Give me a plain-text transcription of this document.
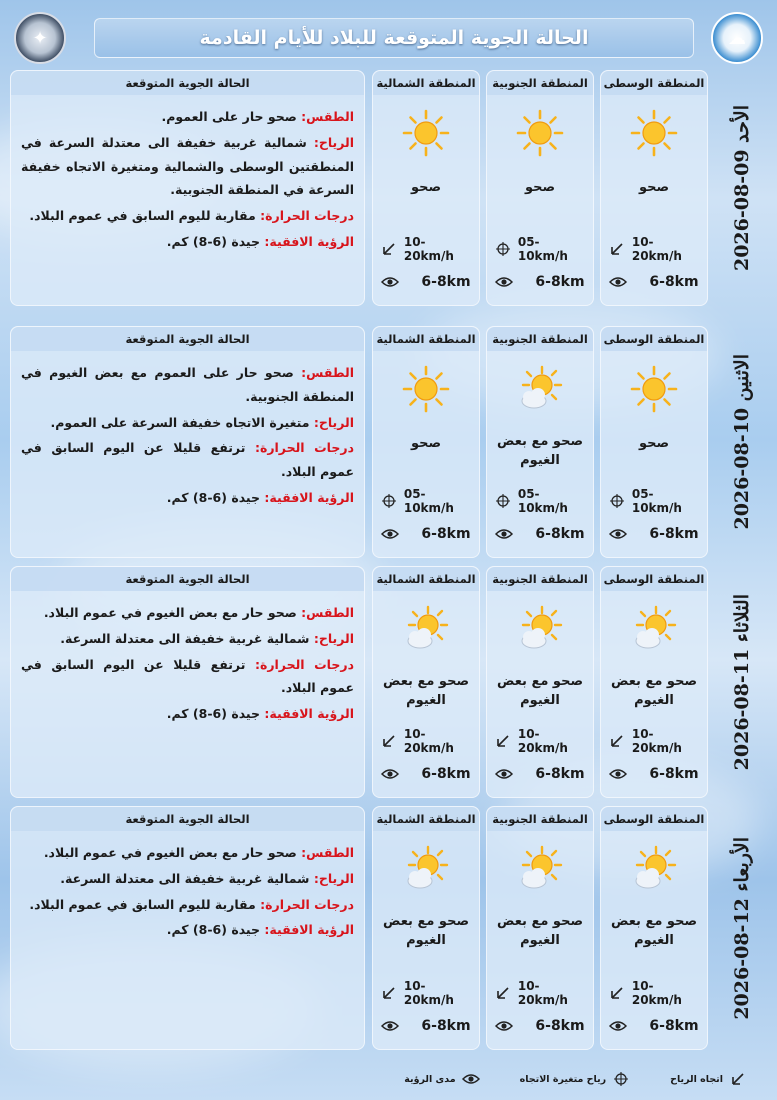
✦	الحالة الجوية المتوقعة للبلاد للأيام القادمة	☁
الحالة الجوية المتوقعة

الطقس: صحو حار على العموم.

الرياح: شمالية غربية خفيفة الى معتدلة السرعة في المنطقتين الوسطى والشمالية ومتغيرة الاتجاه خفيفة السرعة في المنطقة الجنوبية.

درجات الحرارة: مقاربة لليوم السابق في عموم البلاد.

الرؤية الافقية: جيدة (6-8) كم.

المنطقة الوسطى
صحو
10-20km/h
6-8km
المنطقة الجنوبية
صحو
05-10km/h
6-8km
المنطقة الشمالية
صحو
10-20km/h
6-8km
الأحد 09-08-2026
الحالة الجوية المتوقعة

الطقس: صحو حار على العموم مع بعض الغيوم في المنطقة الجنوبية.

الرياح: متغيرة الاتجاه خفيفة السرعة على العموم.

درجات الحرارة: ترتفع قليلا عن اليوم السابق في عموم البلاد.

الرؤية الافقية: جيدة (6-8) كم.

المنطقة الوسطى
صحو
05-10km/h
6-8km
المنطقة الجنوبية
صحو مع بعض الغيوم
05-10km/h
6-8km
المنطقة الشمالية
صحو
05-10km/h
6-8km
الاثنين 10-08-2026
الحالة الجوية المتوقعة

الطقس: صحو حار مع بعض الغيوم في عموم البلاد.

الرياح: شمالية غربية خفيفة الى معتدلة السرعة.

درجات الحرارة: ترتفع قليلا عن اليوم السابق في عموم البلاد.

الرؤية الافقية: جيدة (6-8) كم.

المنطقة الوسطى
صحو مع بعض الغيوم
10-20km/h
6-8km
المنطقة الجنوبية
صحو مع بعض الغيوم
10-20km/h
6-8km
المنطقة الشمالية
صحو مع بعض الغيوم
10-20km/h
6-8km
الثلاثاء 11-08-2026
الحالة الجوية المتوقعة

الطقس: صحو حار مع بعض الغيوم في عموم البلاد.

الرياح: شمالية غربية خفيفة الى معتدلة السرعة.

درجات الحرارة: مقاربة لليوم السابق في عموم البلاد.

الرؤية الافقية: جيدة (6-8) كم.

المنطقة الوسطى
صحو مع بعض الغيوم
10-20km/h
6-8km
المنطقة الجنوبية
صحو مع بعض الغيوم
10-20km/h
6-8km
المنطقة الشمالية
صحو مع بعض الغيوم
10-20km/h
6-8km
الأربعاء 12-08-2026
اتجاه الرياح
رياح متغيرة الاتجاه
مدى الرؤية
